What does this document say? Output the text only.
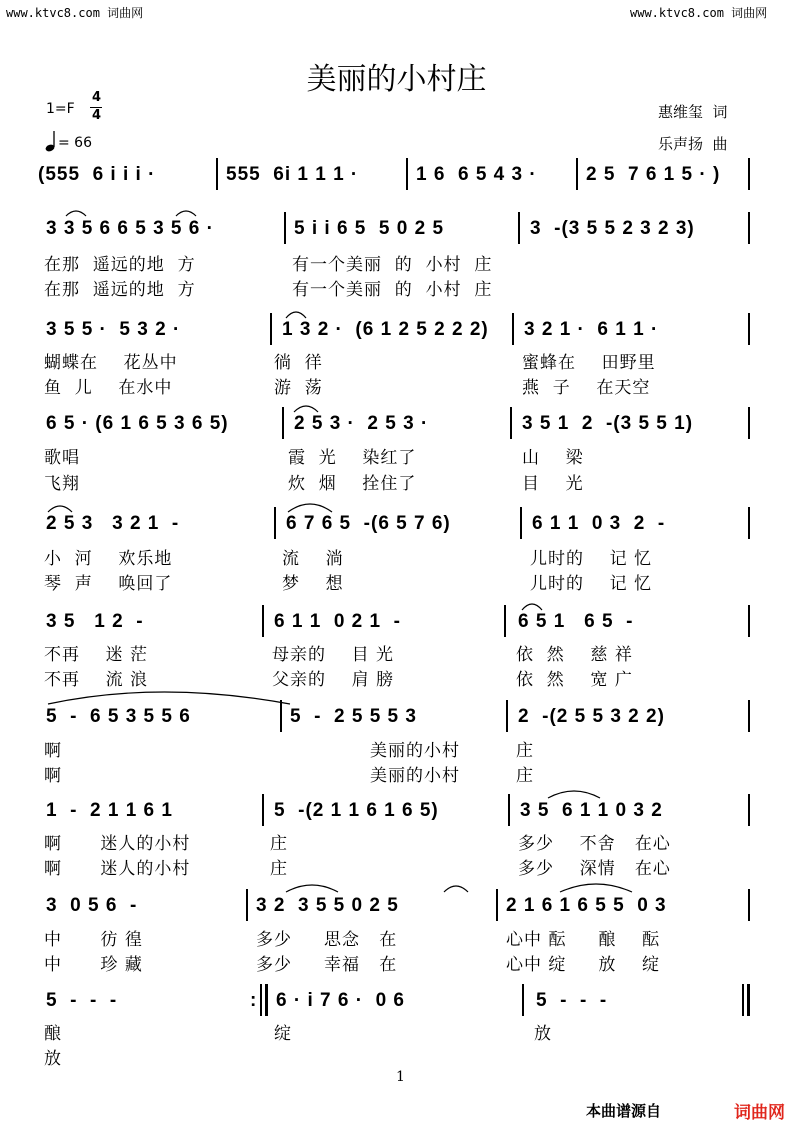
www.ktvc8.com 词曲网	www.ktvc8.com 词曲网
美丽的小村庄
1=F
4
4
= 66
惠维玺  词
乐声扬  曲
(555  6 i i i ·	555  6i 1 1 1 ·	1 6  6 5 4 3 ·	2 5  7 6 1 5 · )
3 3 5 6 6 5 3 5 6 ·	5 i i 6 5  5 0 2 5	3  -(3 5 5 2 3 2 3)
在那  遥远的地  方	有一个美丽  的  小村  庄
在那  遥远的地  方	有一个美丽  的  小村  庄
3 5 5 ·  5 3 2 ·	1 3 2 ·  (6 1 2 5 2 2 2) 3 2 1 ·  6 1 1 ·
蝴蝶在    花丛中	徜  徉	蜜蜂在    田野里
鱼  儿    在水中	游  荡	燕  子    在天空
6 5 · (6 1 6 5 3 6 5)	2 5 3 ·  2 5 3 ·	3 5 1  2  -(3 5 5 1)
歌唱	霞  光    染红了	山    梁
飞翔	炊  烟    拴住了	目    光
2 5 3   3 2 1  -	6 7 6 5  -(6 5 7 6)	6 1 1  0 3  2  -
小  河    欢乐地	流    淌	儿时的    记 忆
琴  声    唤回了	梦    想	儿时的    记 忆
3 5   1 2  -	6 1 1  0 2 1  -	6 5 1   6 5  -
不再    迷 茫	母亲的    目 光	依  然    慈 祥
不再    流 浪	父亲的    肩 膀	依  然    宽 广
5  -  6 5 3 5 5 6	5  -  2 5 5 5 3	2  -(2 5 5 3 2 2)
啊	美丽的小村	庄
啊	美丽的小村	庄
1  -  2 1 1 6 1	5  -(2 1 1 6 1 6 5)	3 5  6 1 1 0 3 2
啊      迷人的小村	庄	多少    不舍   在心
啊      迷人的小村	庄	多少    深情   在心
3  0 5 6  -	3 2  3 5 5 0 2 5	2 1 6 1 6 5 5  0 3
中      彷 徨	多少     思念   在	心中 酝     酿    酝
中      珍 藏	多少     幸福   在	心中 绽     放    绽
5  -  -  -	: 6 · i 7 6 ·  0 6	5  -  -  -
酿	绽	放
放
1
本曲谱源自	词曲网
